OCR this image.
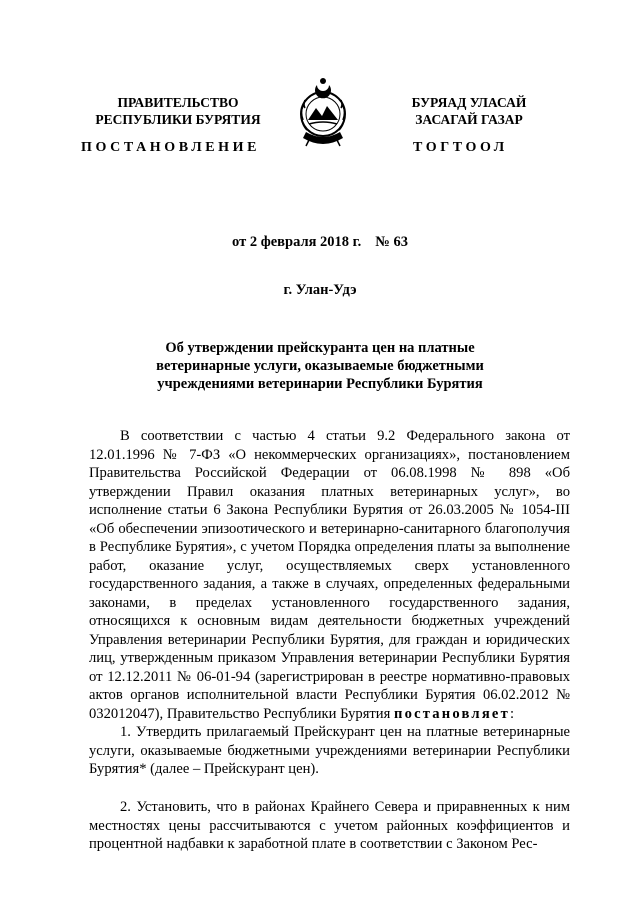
ПРАВИТЕЛЬСТВО
РЕСПУБЛИКИ БУРЯТИЯ
БУРЯАД УЛАСАЙ
ЗАСАГАЙ ГАЗАР
ПОСТАНОВЛЕНИЕ	ТОГТООЛ
от 2 февраля 2018 г. № 63
г. Улан-Удэ
Об утверждении прейскуранта цен на платные
ветеринарные услуги, оказываемые бюджетными
учреждениями ветеринарии Республики Бурятия
В соответствии с частью 4 статьи 9.2 Федерального закона от 12.01.1996 № 7-ФЗ «О некоммерческих организациях», постановлением Правительства Российской Федерации от 06.08.1998 № 898 «Об утверждении Правил оказания платных ветеринарных услуг», во исполнение статьи 6 Закона Республики Бурятия от 26.03.2005 № 1054-III «Об обеспечении эпизоотического и ветеринарно-санитарного благополучия в Республике Бурятия», с учетом Порядка определения платы за выполнение работ, оказание услуг, осуществляемых сверх установленного государственного задания, а также в случаях, определенных федеральными законами, в пределах установленного государственного задания, относящихся к основным видам деятельности бюджетных учреждений Управления ветеринарии Республики Бурятия, для граждан и юридических лиц, утвержденным приказом Управления ветеринарии Республики Бурятия от 12.12.2011 № 06-01-94 (зарегистрирован в реестре нормативно-правовых актов органов исполнительной власти Республики Бурятия 06.02.2012 № 032012047), Правительство Республики Бурятия постановляет:
1. Утвердить прилагаемый Прейскурант цен на платные ветеринарные услуги, оказываемые бюджетными учреждениями ветеринарии Республики Бурятия* (далее – Прейскурант цен).
2. Установить, что в районах Крайнего Севера и приравненных к ним местностях цены рассчитываются с учетом районных коэффициентов и процентной надбавки к заработной плате в соответствии с Законом Рес-
